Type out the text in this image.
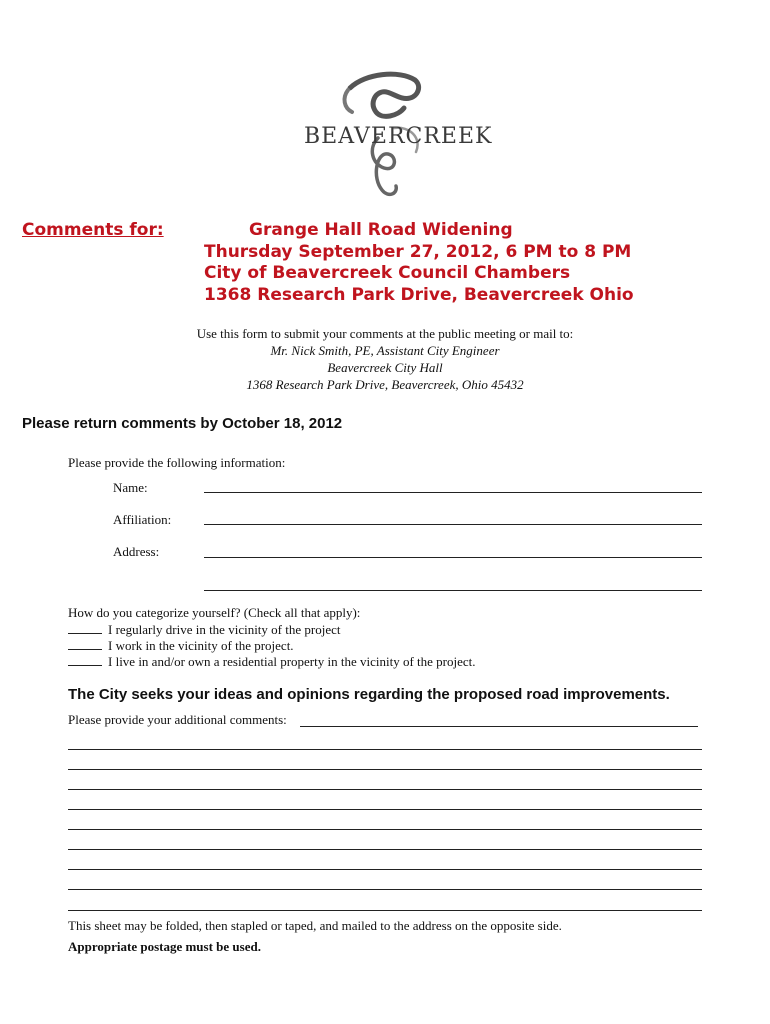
BEAVERCREEK
Comments for:	Grange Hall Road Widening
Thursday September 27, 2012, 6 PM to 8 PM
City of Beavercreek Council Chambers
1368 Research Park Drive, Beavercreek Ohio
Use this form to submit your comments at the public meeting or mail to:
Mr. Nick Smith, PE, Assistant City Engineer
Beavercreek City Hall
1368 Research Park Drive, Beavercreek, Ohio 45432
Please return comments by October 18, 2012
Please provide the following information:
Name:
Affiliation:
Address:
How do you categorize yourself? (Check all that apply):
I regularly drive in the vicinity of the project
I work in the vicinity of the project.
I live in and/or own a residential property in the vicinity of the project.
The City seeks your ideas and opinions regarding the proposed road improvements.
Please provide your additional comments:
This sheet may be folded, then stapled or taped, and mailed to the address on the opposite side.
Appropriate postage must be used.
